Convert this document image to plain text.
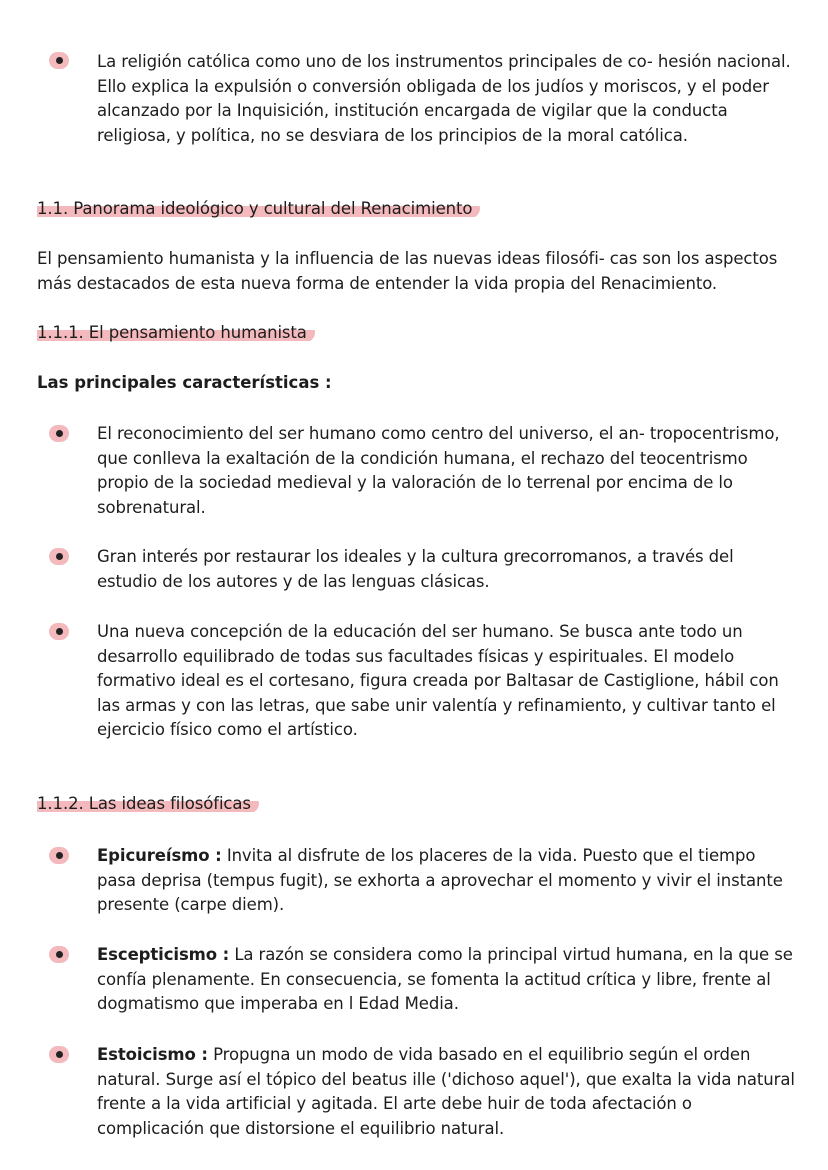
La religión católica como uno de los instrumentos principales de co- hesión nacional. Ello explica la expulsión o conversión obligada de los judíos y moriscos, y el poder alcanzado por la Inquisición, institución encargada de vigilar que la conducta religiosa, y política, no se desviara de los principios de la moral católica.
1.1. Panorama ideológico y cultural del Renacimiento
El pensamiento humanista y la influencia de las nuevas ideas filosófi- cas son los aspectos más destacados de esta nueva forma de entender la vida propia del Renacimiento.
1.1.1. El pensamiento humanista
Las principales características :
El reconocimiento del ser humano como centro del universo, el an- tropocentrismo, que conlleva la exaltación de la condición humana, el rechazo del teocentrismo propio de la sociedad medieval y la valoración de lo terrenal por encima de lo sobrenatural.
Gran interés por restaurar los ideales y la cultura grecorromanos, a través del estudio de los autores y de las lenguas clásicas.
Una nueva concepción de la educación del ser humano. Se busca ante todo un desarrollo equilibrado de todas sus facultades físicas y espirituales. El modelo formativo ideal es el cortesano, figura creada por Baltasar de Castiglione, hábil con las armas y con las letras, que sabe unir valentía y refinamiento, y cultivar tanto el ejercicio físico como el artístico.
1.1.2. Las ideas filosóficas
Epicureísmo : Invita al disfrute de los placeres de la vida. Puesto que el tiempo pasa deprisa (tempus fugit), se exhorta a aprovechar el momento y vivir el instante presente (carpe diem).
Escepticismo : La razón se considera como la principal virtud humana, en la que se confía plenamente. En consecuencia, se fomenta la actitud crítica y libre, frente al dogmatismo que imperaba en l Edad Media.
Estoicismo : Propugna un modo de vida basado en el equilibrio según el orden natural. Surge así el tópico del beatus ille ('dichoso aquel'), que exalta la vida natural frente a la vida artificial y agitada. El arte debe huir de toda afectación o complicación que distorsione el equilibrio natural.
